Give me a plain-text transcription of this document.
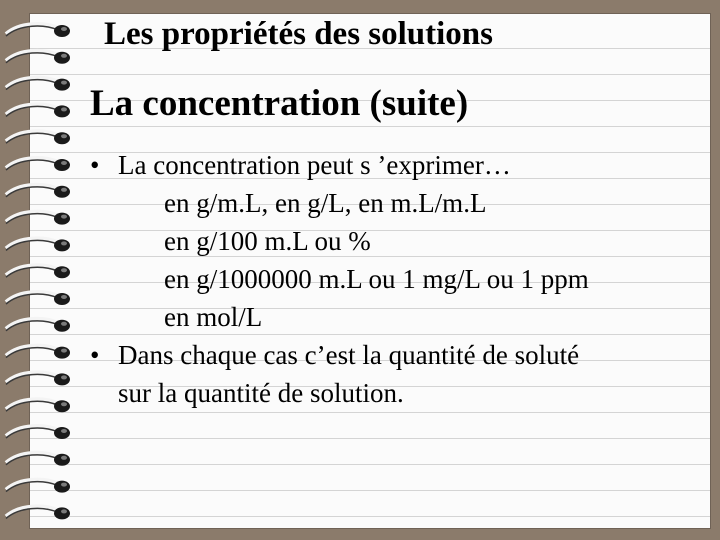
Les propriétés des solutions
La concentration (suite)
• La concentration peut s ’exprimer…
en g/m.L, en g/L, en m.L/m.L
en g/100 m.L ou %
en g/1000000 m.L ou 1 mg/L ou 1 ppm
en mol/L
• Dans chaque cas c’est la quantité de soluté
sur la quantité de solution.
